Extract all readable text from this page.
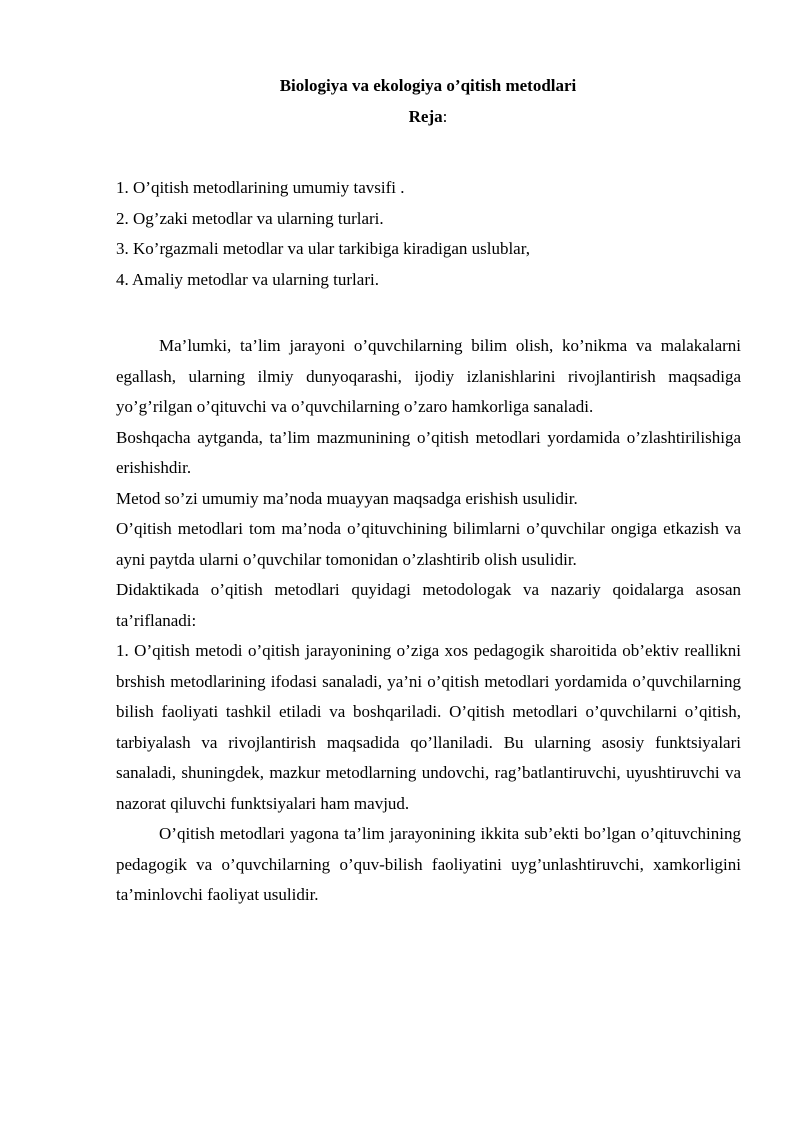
Biologiya va ekologiya o’qitish metodlari
Reja:
1. O’qitish metodlarining umumiy tavsifi .
2. Og’zaki metodlar va ularning turlari.
3. Ko’rgazmali metodlar va ular tarkibiga kiradigan uslublar,
4. Amaliy metodlar va ularning turlari.

Ma’lumki, ta’lim jarayoni o’quvchilarning bilim olish, ko’nikma va malakalarni egallash, ularning ilmiy dunyoqarashi, ijodiy izlanishlarini rivojlantirish maqsadiga yo’g’rilgan o’qituvchi va o’quvchilarning o’zaro hamkorliga sanaladi.

Boshqacha aytganda, ta’lim mazmunining o’qitish metodlari yordamida o’zlashtirilishiga erishishdir.

Metod so’zi umumiy ma’noda muayyan maqsadga erishish usulidir.

O’qitish metodlari tom ma’noda o’qituvchining bilimlarni o’quvchilar ongiga etkazish va ayni paytda ularni o’quvchilar tomonidan o’zlashtirib olish usulidir.

Didaktikada o’qitish metodlari quyidagi metodologak va nazariy qoidalarga asosan ta’riflanadi:

1. O’qitish metodi o’qitish jarayonining o’ziga xos pedagogik sharoitida ob’ektiv reallikni brshish metodlarining ifodasi sanaladi, ya’ni o’qitish metodlari yordamida o’quvchilarning bilish faoliyati tashkil etiladi va boshqariladi. O’qitish metodlari o’quvchilarni o’qitish, tarbiyalash va rivojlantirish maqsadida qo’llaniladi. Bu ularning asosiy funktsiyalari sanaladi, shuningdek, mazkur metodlarning undovchi, rag’batlantiruvchi, uyushtiruvchi va nazorat qiluvchi funktsiyalari ham mavjud.

O’qitish metodlari yagona ta’lim jarayonining ikkita sub’ekti bo’lgan o’qituvchining pedagogik va o’quvchilarning o’quv-bilish faoliyatini uyg’unlashtiruvchi, xamkorligini ta’minlovchi faoliyat usulidir.
